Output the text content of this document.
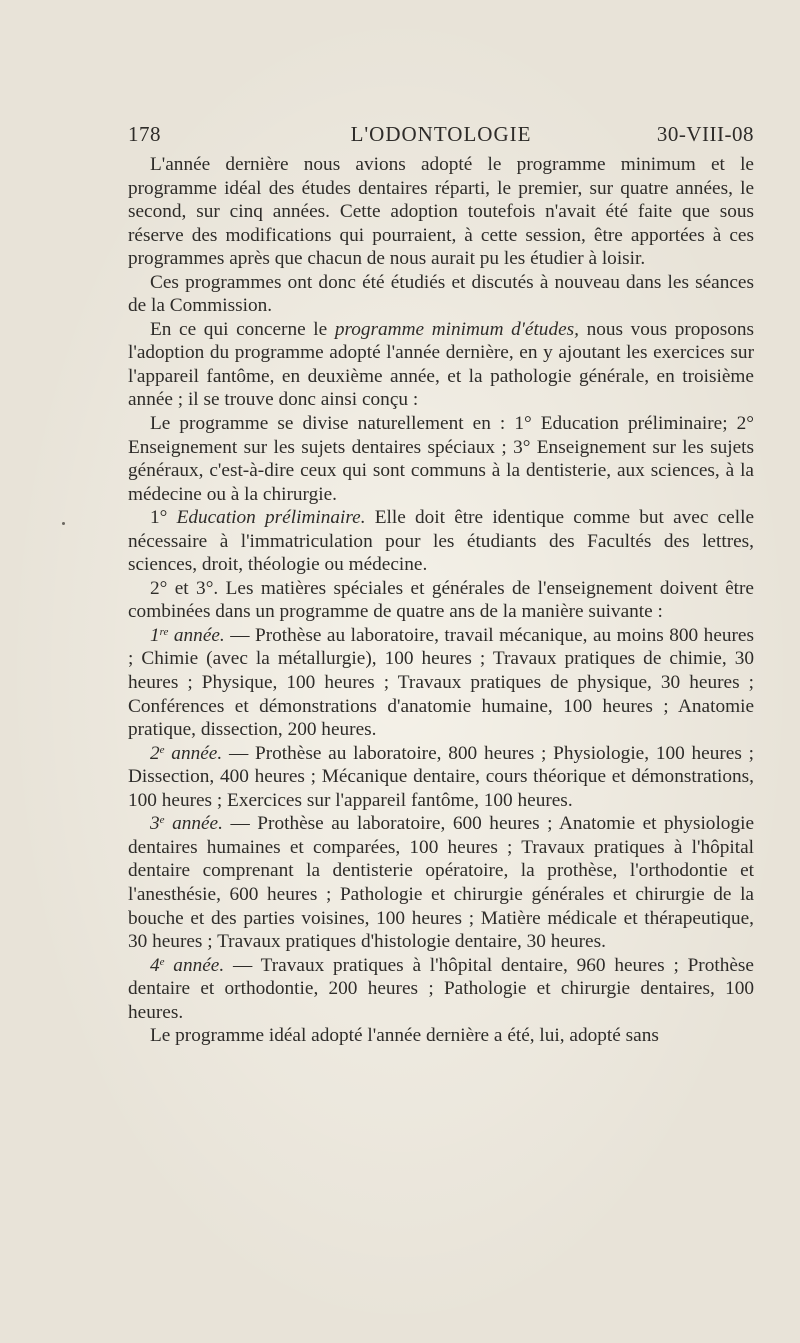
178	L'ODONTOLOGIE	30-VIII-08

L'année dernière nous avions adopté le programme minimum et le programme idéal des études dentaires réparti, le premier, sur quatre années, le second, sur cinq années. Cette adoption toutefois n'avait été faite que sous réserve des modifications qui pourraient, à cette session, être apportées à ces programmes après que chacun de nous aurait pu les étudier à loisir.

Ces programmes ont donc été étudiés et discutés à nouveau dans les séances de la Commission.

En ce qui concerne le programme minimum d'études, nous vous proposons l'adoption du programme adopté l'année dernière, en y ajoutant les exercices sur l'appareil fantôme, en deuxième année, et la pathologie générale, en troisième année ; il se trouve donc ainsi conçu :

Le programme se divise naturellement en : 1° Education préliminaire; 2° Enseignement sur les sujets dentaires spéciaux ; 3° Enseignement sur les sujets généraux, c'est-à-dire ceux qui sont communs à la dentisterie, aux sciences, à la médecine ou à la chirurgie.

1° Education préliminaire. Elle doit être identique comme but avec celle nécessaire à l'immatriculation pour les étudiants des Facultés des lettres, sciences, droit, théologie ou médecine.

2° et 3°. Les matières spéciales et générales de l'enseignement doivent être combinées dans un programme de quatre ans de la manière suivante :

1re année. — Prothèse au laboratoire, travail mécanique, au moins 800 heures ; Chimie (avec la métallurgie), 100 heures ; Travaux pratiques de chimie, 30 heures ; Physique, 100 heures ; Travaux pratiques de physique, 30 heures ; Conférences et démonstrations d'anatomie humaine, 100 heures ; Anatomie pratique, dissection, 200 heures.

2e année. — Prothèse au laboratoire, 800 heures ; Physiologie, 100 heures ; Dissection, 400 heures ; Mécanique dentaire, cours théorique et démonstrations, 100 heures ; Exercices sur l'appareil fantôme, 100 heures.

3e année. — Prothèse au laboratoire, 600 heures ; Anatomie et physiologie dentaires humaines et comparées, 100 heures ; Travaux pratiques à l'hôpital dentaire comprenant la dentisterie opératoire, la prothèse, l'orthodontie et l'anesthésie, 600 heures ; Pathologie et chirurgie générales et chirurgie de la bouche et des parties voisines, 100 heures ; Matière médicale et thérapeutique, 30 heures ; Travaux pratiques d'histologie dentaire, 30 heures.

4e année. — Travaux pratiques à l'hôpital dentaire, 960 heures ; Prothèse dentaire et orthodontie, 200 heures ; Pathologie et chirurgie dentaires, 100 heures.

Le programme idéal adopté l'année dernière a été, lui, adopté sans
